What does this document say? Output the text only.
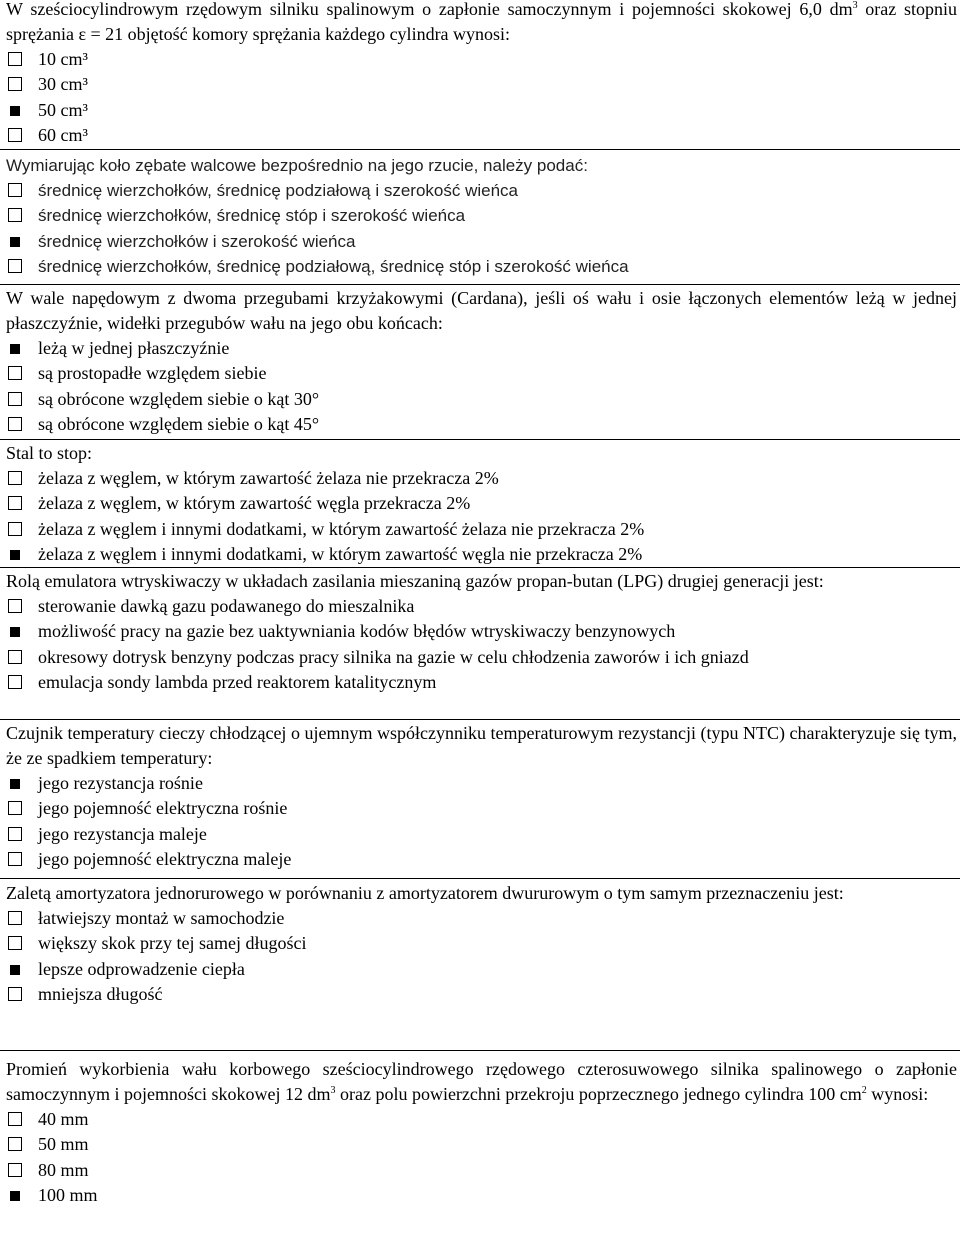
W sześciocylindrowym rzędowym silniku spalinowym o zapłonie samoczynnym i pojemności skokowej 6,0 $dm^3$ oraz stopniu sprężania ε = 21 objętość komory sprężania każdego cylindra wynosi:

10 cm³
30 cm³
50 cm³
60 cm³

Wymiarując koło zębate walcowe bezpośrednio na jego rzucie, należy podać:

średnicę wierzchołków, średnicę podziałową i szerokość wieńca
średnicę wierzchołków, średnicę stóp i szerokość wieńca
średnicę wierzchołków i szerokość wieńca
średnicę wierzchołków, średnicę podziałową, średnicę stóp i szerokość wieńca

W wale napędowym z dwoma przegubami krzyżakowymi (Cardana), jeśli oś wału i osie łączonych elementów leżą w jednej płaszczyźnie, widełki przegubów wału na jego obu końcach:

leżą w jednej płaszczyźnie
są prostopadłe względem siebie
są obrócone względem siebie o kąt 30°
są obrócone względem siebie o kąt 45°

Stal to stop:

żelaza z węglem, w którym zawartość żelaza nie przekracza 2%
żelaza z węglem, w którym zawartość węgla przekracza 2%
żelaza z węglem i innymi dodatkami, w którym zawartość żelaza nie przekracza 2%
żelaza z węglem i innymi dodatkami, w którym zawartość węgla nie przekracza 2%

Rolą emulatora wtryskiwaczy w układach zasilania mieszaniną gazów propan-butan (LPG) drugiej generacji jest:

sterowanie dawką gazu podawanego do mieszalnika
możliwość pracy na gazie bez uaktywniania kodów błędów wtryskiwaczy benzynowych
okresowy dotrysk benzyny podczas pracy silnika na gazie w celu chłodzenia zaworów i ich gniazd
emulacja sondy lambda przed reaktorem katalitycznym

Czujnik temperatury cieczy chłodzącej o ujemnym współczynniku temperaturowym rezystancji (typu NTC) charakteryzuje się tym, że ze spadkiem temperatury:

jego rezystancja rośnie
jego pojemność elektryczna rośnie
jego rezystancja maleje
jego pojemność elektryczna maleje

Zaletą amortyzatora jednorurowego w porównaniu z amortyzatorem dwururowym o tym samym przeznaczeniu jest:

łatwiejszy montaż w samochodzie
większy skok przy tej samej długości
lepsze odprowadzenie ciepła
mniejsza długość

Promień wykorbienia wału korbowego sześciocylindrowego rzędowego czterosuwowego silnika spalinowego o zapłonie samoczynnym i pojemności skokowej 12 $dm^3$ oraz polu powierzchni przekroju poprzecznego jednego cylindra 100 $cm^2$ wynosi:

40 mm
50 mm
80 mm
100 mm
